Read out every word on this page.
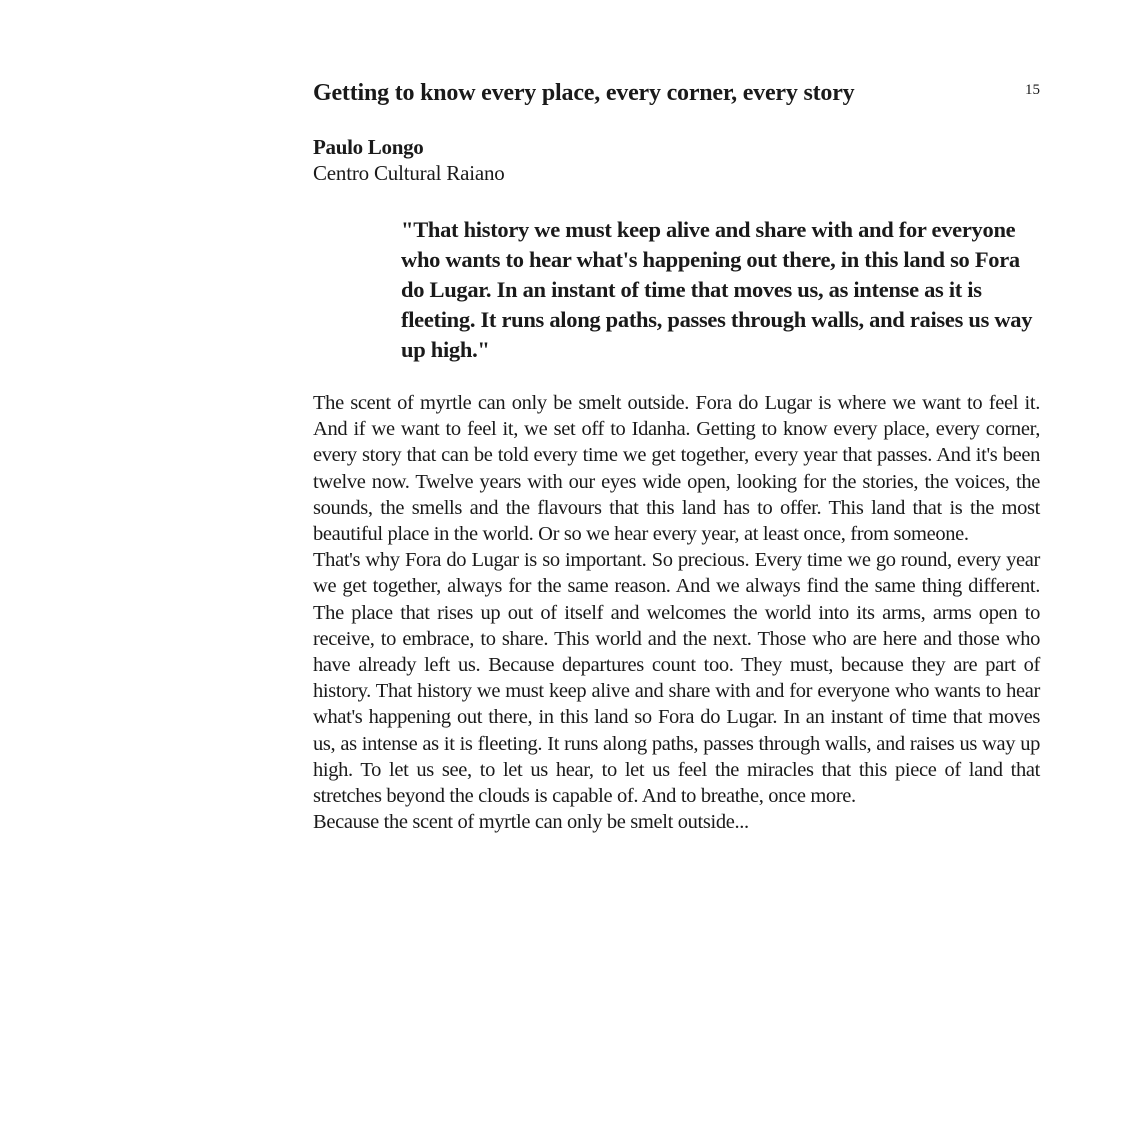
Getting to know every place, every corner, every story	15
Paulo Longo
Centro Cultural Raiano
"That history we must keep alive and share with and for everyone who wants to hear what's happening out there, in this land so Fora do Lugar. In an instant of time that moves us, as intense as it is fleeting. It runs along paths, passes through walls, and raises us way up high."

The scent of myrtle can only be smelt outside. Fora do Lugar is where we want to feel it. And if we want to feel it, we set off to Idanha. Getting to know every place, every corner, every story that can be told every time we get together, every year that passes. And it's been twelve now. Twelve years with our eyes wide open, looking for the stories, the voices, the sounds, the smells and the flavours that this land has to offer. This land that is the most beautiful place in the world. Or so we hear every year, at least once, from someone.

That's why Fora do Lugar is so important. So precious. Every time we go round, every year we get together, always for the same reason. And we always find the same thing different. The place that rises up out of itself and welcomes the world into its arms, arms open to receive, to embrace, to share. This world and the next. Those who are here and those who have already left us. Because departures count too. They must, because they are part of history. That history we must keep alive and share with and for everyone who wants to hear what's happening out there, in this land so Fora do Lugar. In an instant of time that moves us, as intense as it is fleeting. It runs along paths, passes through walls, and raises us way up high. To let us see, to let us hear, to let us feel the miracles that this piece of land that stretches beyond the clouds is capable of. And to breathe, once more.

Because the scent of myrtle can only be smelt outside...
